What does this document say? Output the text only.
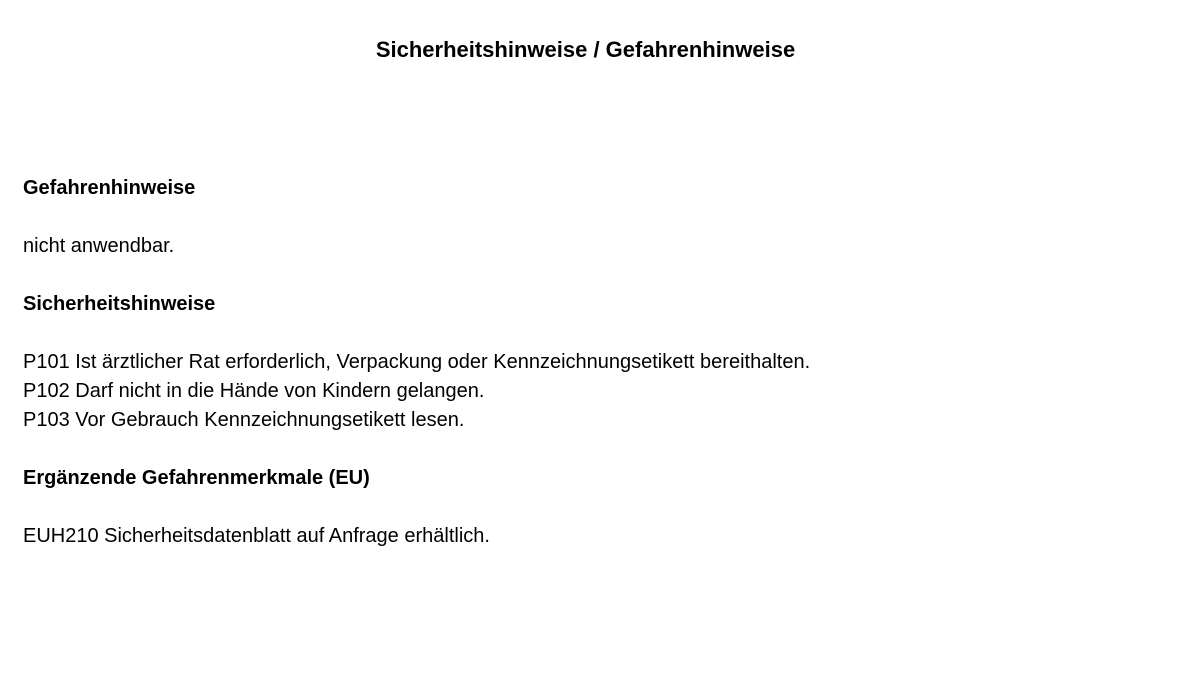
Sicherheitshinweise / Gefahrenhinweise

Gefahrenhinweise

nicht anwendbar.

Sicherheitshinweise

P101 Ist ärztlicher Rat erforderlich, Verpackung oder Kennzeichnungsetikett bereithalten.
P102 Darf nicht in die Hände von Kindern gelangen.
P103 Vor Gebrauch Kennzeichnungsetikett lesen.

Ergänzende Gefahrenmerkmale (EU)

EUH210 Sicherheitsdatenblatt auf Anfrage erhältlich.
